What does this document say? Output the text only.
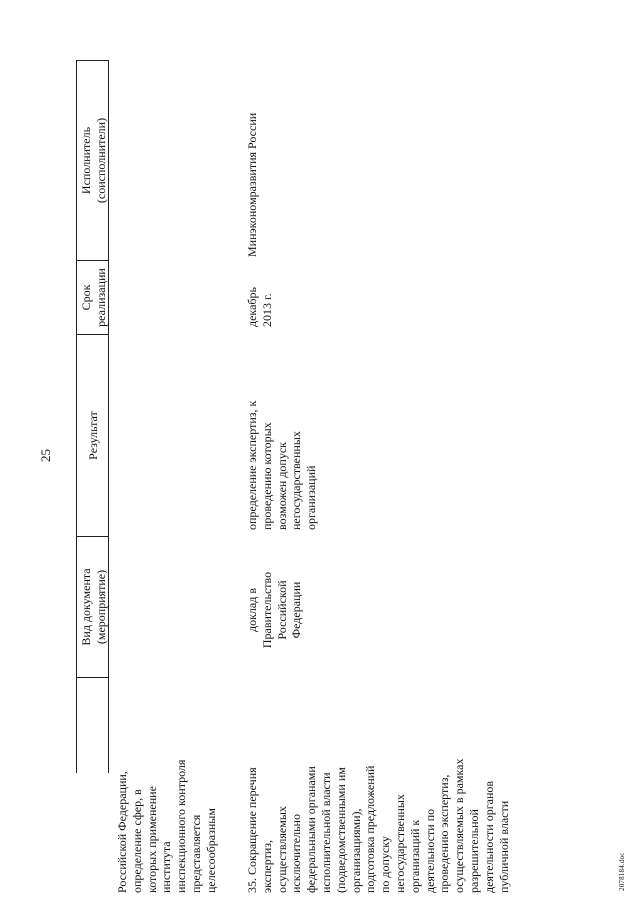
25
Вид документа
(мероприятие)
Результат
Срок
реализации
Исполнитель
(соисполнители)
Российской Федерации,
определение сфер, в
которых применение
института
инспекционного контроля
представляется
целесообразным 35. Сокращение перечня
экспертиз,
осуществляемых
исключительно
федеральными органами
исполнительной власти
(подведомственными им
организациями),
подготовка предложений
по допуску
негосударственных
организаций к
деятельности по
проведению экспертиз,
осуществляемых в рамках
разрешительной
деятельности органов
публичной власти
доклад в
Правительство
Российской
Федерации
определение экспертиз, к
проведению которых
возможен допуск
негосударственных
организаций
декабрь
2013 г.
Минэкономразвития России
2078184.doc
